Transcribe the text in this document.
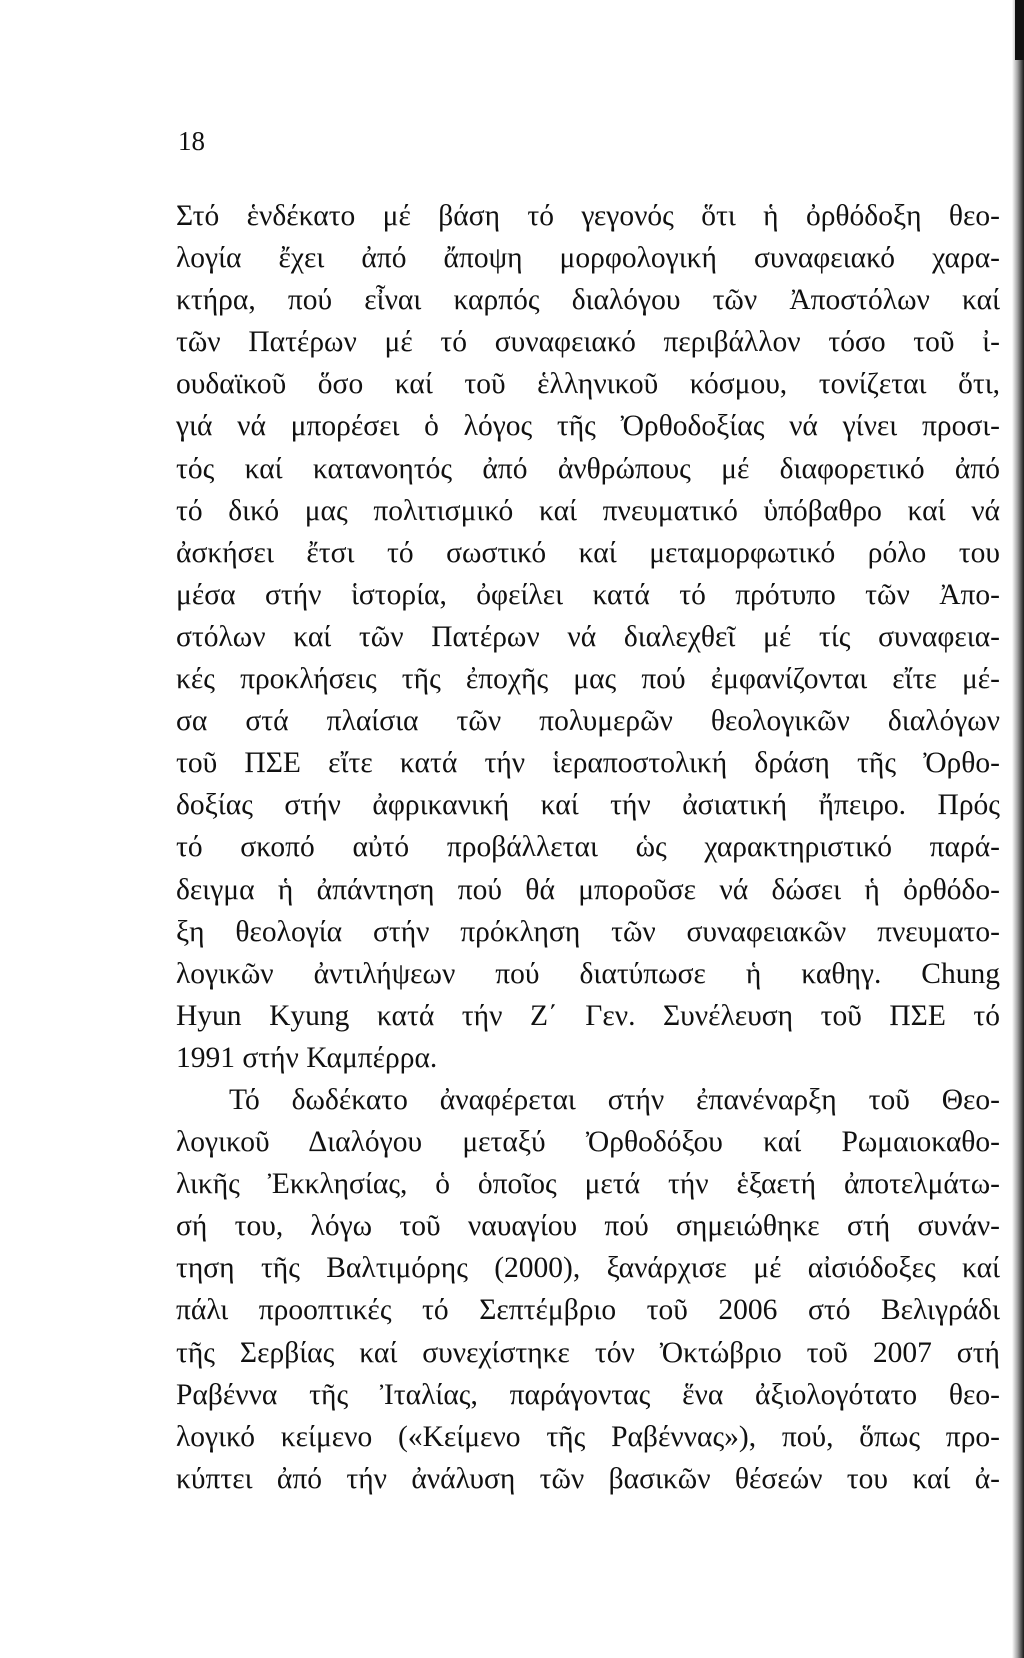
18
Στό ἑνδέκατο μέ βάση τό γεγονός ὅτι ἡ ὀρθόδοξη θεο-
λογία ἔχει ἀπό ἄποψη μορφολογική συναφειακό χαρα-
κτήρα, πού εἶναι καρπός διαλόγου τῶν Ἀποστόλων καί
τῶν Πατέρων μέ τό συναφειακό περιβάλλον τόσο τοῦ ἰ-
ουδαϊκοῦ ὅσο καί τοῦ ἑλληνικοῦ κόσμου, τονίζεται ὅτι,
γιά νά μπορέσει ὁ λόγος τῆς Ὀρθοδοξίας νά γίνει προσι-
τός καί κατανοητός ἀπό ἀνθρώπους μέ διαφορετικό ἀπό
τό δικό μας πολιτισμικό καί πνευματικό ὑπόβαθρο καί νά
ἀσκήσει ἔτσι τό σωστικό καί μεταμορφωτικό ρόλο του
μέσα στήν ἱστορία, ὀφείλει κατά τό πρότυπο τῶν Ἀπο-
στόλων καί τῶν Πατέρων νά διαλεχθεῖ μέ τίς συναφεια-
κές προκλήσεις τῆς ἐποχῆς μας πού ἐμφανίζονται εἴτε μέ-
σα στά πλαίσια τῶν πολυμερῶν θεολογικῶν διαλόγων
τοῦ ΠΣΕ εἴτε κατά τήν ἱεραποστολική δράση τῆς Ὀρθο-
δοξίας στήν ἀφρικανική καί τήν ἀσιατική ἤπειρο. Πρός
τό σκοπό αὐτό προβάλλεται ὡς χαρακτηριστικό παρά-
δειγμα ἡ ἀπάντηση πού θά μποροῦσε νά δώσει ἡ ὀρθόδο-
ξη θεολογία στήν πρόκληση τῶν συναφειακῶν πνευματο-
λογικῶν ἀντιλήψεων πού διατύπωσε ἡ καθηγ. Chung
Hyun Kyung κατά τήν Ζ΄ Γεν. Συνέλευση τοῦ ΠΣΕ τό
1991 στήν Καμπέρρα.
Τό δωδέκατο ἀναφέρεται στήν ἐπανέναρξη τοῦ Θεο-
λογικοῦ Διαλόγου μεταξύ Ὀρθοδόξου καί Ρωμαιοκαθο-
λικῆς Ἐκκλησίας, ὁ ὁποῖος μετά τήν ἑξαετή ἀποτελμάτω-
σή του, λόγω τοῦ ναυαγίου πού σημειώθηκε στή συνάν-
τηση τῆς Βαλτιμόρης (2000), ξανάρχισε μέ αἰσιόδοξες καί
πάλι προοπτικές τό Σεπτέμβριο τοῦ 2006 στό Βελιγράδι
τῆς Σερβίας καί συνεχίστηκε τόν Ὀκτώβριο τοῦ 2007 στή
Ραβέννα τῆς Ἰταλίας, παράγοντας ἕνα ἀξιολογότατο θεο-
λογικό κείμενο («Κείμενο τῆς Ραβέννας»), πού, ὅπως προ-
κύπτει ἀπό τήν ἀνάλυση τῶν βασικῶν θέσεών του καί ἀ-
